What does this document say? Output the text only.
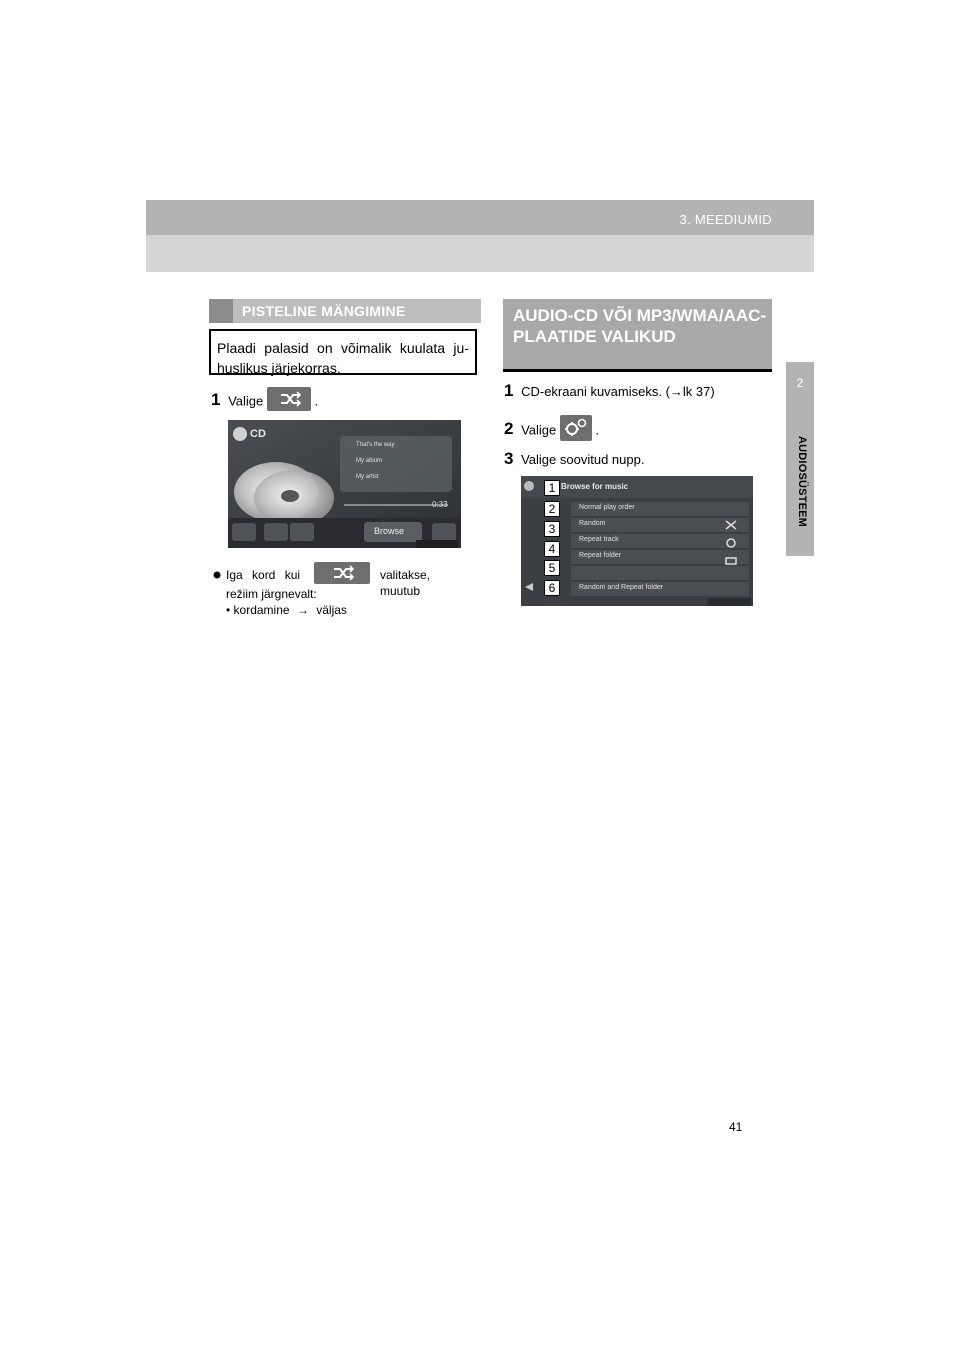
3. MEEDIUMID
2
AUDIOSÜSTEEM
PISTELINE MÄNGIMINE
Plaadi palasid on võimalik kuulata ju-huslikus järjekorras.
1 Valige	.
CD
That's the way
My album
My artist
0:33
Browse
Iga kord kui	valitakse, muutub
režiim järgnevalt:
• kordamine → väljas
AUDIO-CD VÕI MP3/WMA/AAC-PLAATIDE VALIKUD
1 CD-ekraani kuvamiseks. (→lk 37)
2 Valige	.
3 Valige soovitud nupp.
Browse for music
Normal play order
Random
Repeat track
Repeat folder
Random and Repeat folder
1
2
3
4
5
6
41
